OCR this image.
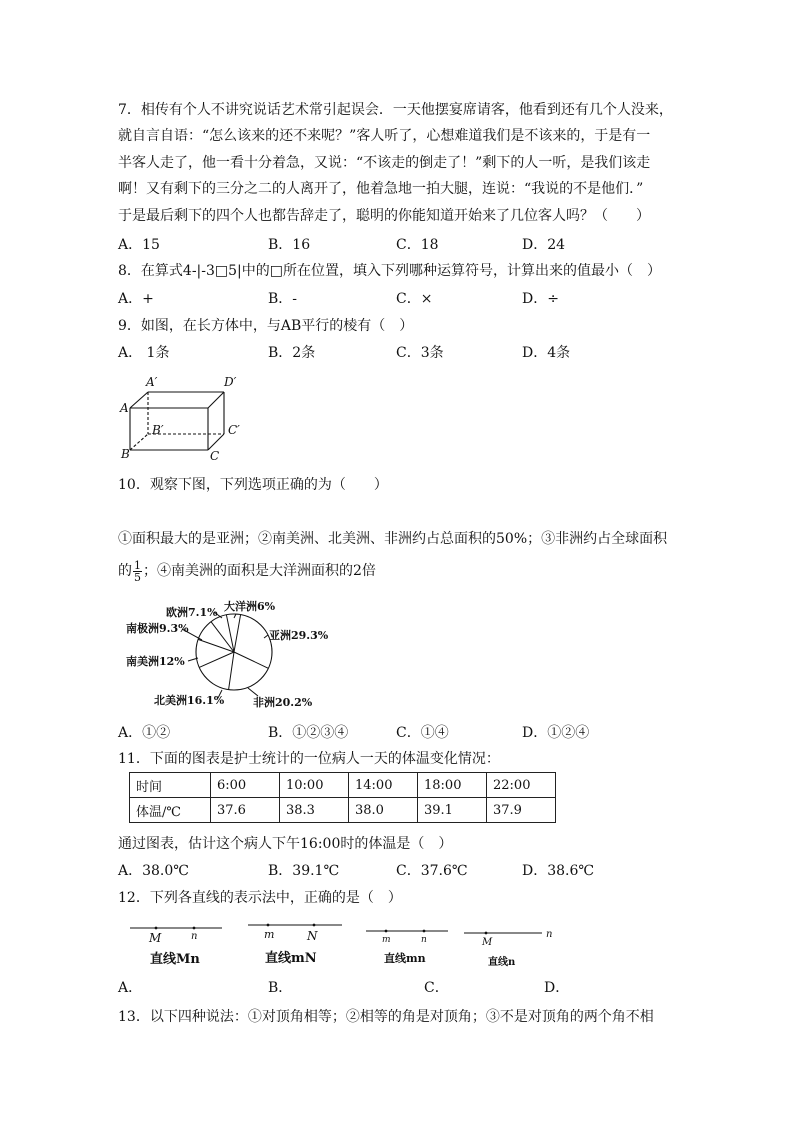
7．相传有个人不讲究说话艺术常引起误会．一天他摆宴席请客，他看到还有几个人没来，
就自言自语：“怎么该来的还不来呢？”客人听了，心想难道我们是不该来的，于是有一
半客人走了，他一看十分着急，又说：“不该走的倒走了！”剩下的人一听，是我们该走
啊！又有剩下的三分之二的人离开了，他着急地一拍大腿，连说：“我说的不是他们．”
于是最后剩下的四个人也都告辞走了，聪明的你能知道开始来了几位客人吗？（　　）
A．15	B．16	C．18	D．24
8．在算式4-|-3□5|中的□所在位置，填入下列哪种运算符号，计算出来的值最小（　）
A．+	B．-	C．×	D．÷
9．如图，在长方体中，与AB平行的棱有（　）
A． 1条	B．2条	C．3条	D．4条
A′	D′
A
B′	C′
B	C
10．观察下图，下列选项正确的为（　　）
①面积最大的是亚洲；②南美洲、北美洲、非洲约占总面积的50%；③非洲约占全球面积
的 $\frac{1}{5}$ ；④南美洲的面积是大洋洲面积的2倍
亚洲29.3%
非洲20.2%
北美洲16.1%
南美洲12%
南极洲9.3%
欧洲7.1% 大洋洲6%
A．①②	B．①②③④	C．①④	D．①②④
11．下面的图表是护士统计的一位病人一天的体温变化情况：
时间	6:00	10:00	14:00	18:00	22:00
体温/℃	37.6	38.3	38.0	39.1	37.9
通过图表，估计这个病人下午16:00时的体温是（　）
A．38.0℃	B．39.1℃	C．37.6℃	D．38.6℃
12．下列各直线的表示法中，正确的是（　）
M	n	m	N	m	n	M
n
直线Mn	直线mN	直线mn	直线n
A．	B．	C．	D．
13．以下四种说法：①对顶角相等；②相等的角是对顶角；③不是对顶角的两个角不相
